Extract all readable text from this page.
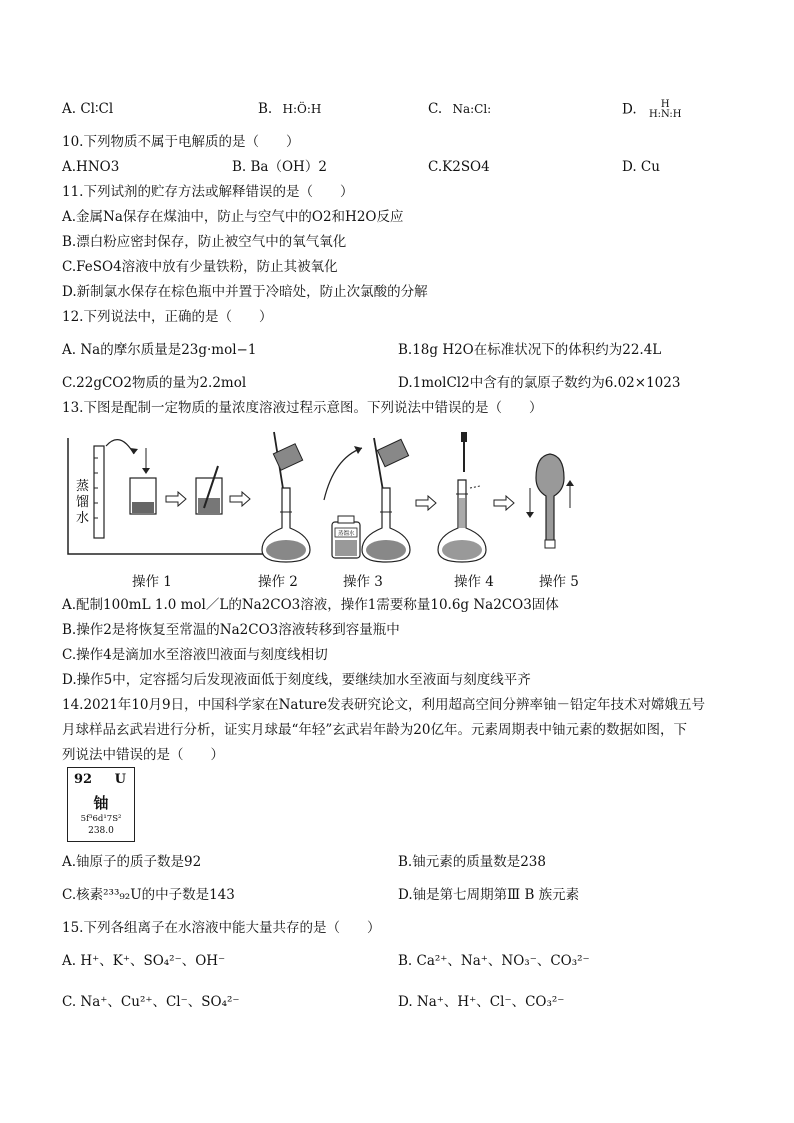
A. Cl∶Cl	B. H:Ö:H	C. Na:Cl:	D.	H
H:N:H
10.下列物质不属于电解质的是（　　）
A.HNO3	B. Ba（OH）2	C.K2SO4	D. Cu
11.下列试剂的贮存方法或解释错误的是（　　）
A.金属Na保存在煤油中，防止与空气中的O2和H2O反应
B.漂白粉应密封保存，防止被空气中的氧气氧化
C.FeSO4溶液中放有少量铁粉，防止其被氧化
D.新制氯水保存在棕色瓶中并置于冷暗处，防止次氯酸的分解
12.下列说法中，正确的是（　　）
A. Na的摩尔质量是23g·mol−1	B.18g H2O在标准状况下的体积约为22.4L
C.22gCO2物质的量为2.2mol	D.1molCl2中含有的氯原子数约为6.02×1023
13.下图是配制一定物质的量浓度溶液过程示意图。下列说法中错误的是（　　）
蒸
馏
水
蒸馏水
操作 1	操作 2	操作 3	操作 4	操作 5
A.配制100mL 1.0 mol／L的Na2CO3溶液，操作1需要称量10.6g Na2CO3固体
B.操作2是将恢复至常温的Na2CO3溶液转移到容量瓶中
C.操作4是滴加水至溶液凹液面与刻度线相切
D.操作5中，定容摇匀后发现液面低于刻度线，要继续加水至液面与刻度线平齐
14.2021年10月9日，中国科学家在Nature发表研究论文，利用超高空间分辨率铀－铅定年技术对嫦娥五号
月球样品玄武岩进行分析，证实月球最“年轻”玄武岩年龄为20亿年。元素周期表中铀元素的数据如图，下
列说法中错误的是（　　）
92 U
铀
5f³6d¹7S²
238.0
A.铀原子的质子数是92	B.铀元素的质量数是238
C.核素²³³₉₂U的中子数是143	D.铀是第七周期第Ⅲ B 族元素
15.下列各组离子在水溶液中能大量共存的是（　　）
A. H⁺、K⁺、SO₄²⁻、OH⁻	B. Ca²⁺、Na⁺、NO₃⁻、CO₃²⁻
C. Na⁺、Cu²⁺、Cl⁻、SO₄²⁻	D. Na⁺、H⁺、Cl⁻、CO₃²⁻
